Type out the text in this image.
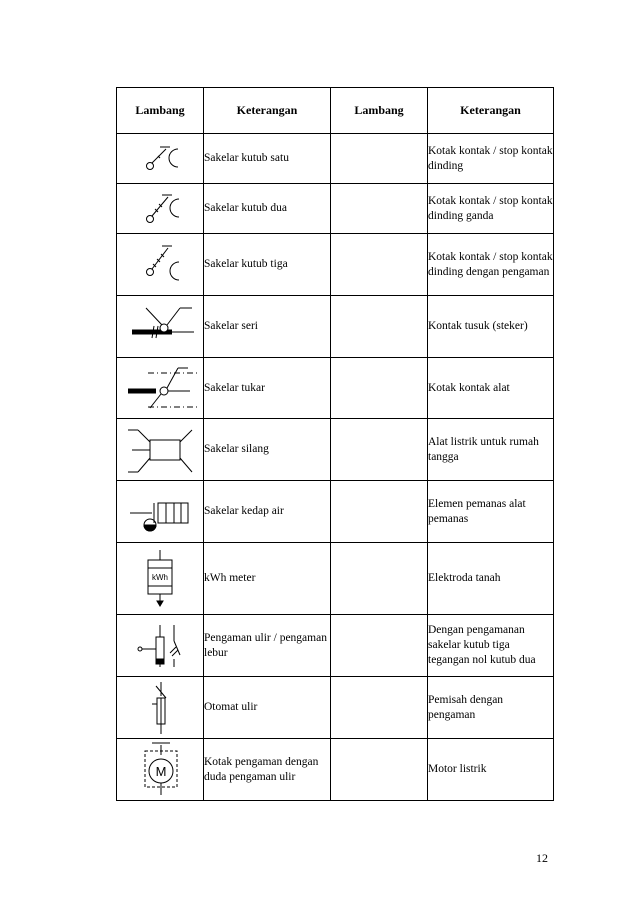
Lambang	Keterangan	Lambang	Keterangan

	Sakelar kutub satu		Kotak kontak / stop kontak dinding

	Sakelar kutub dua		Kotak kontak / stop kontak dinding ganda

	Sakelar kutub tiga		Kotak kontak / stop kontak dinding dengan pengaman

	Sakelar seri		Kontak tusuk (steker)

	Sakelar tukar		Kotak kontak alat

	Sakelar silang		Alat listrik untuk rumah tangga

	Sakelar kedap air		Elemen pemanas alat pemanas

kWh	kWh meter		Elektroda tanah

	Pengaman ulir / pengaman lebur		Dengan pengamanan sakelar kutub tiga tegangan nol kutub dua

	Otomat ulir		Pemisah dengan pengaman

M	Kotak pengaman dengan duda pengaman ulir		Motor listrik
12
